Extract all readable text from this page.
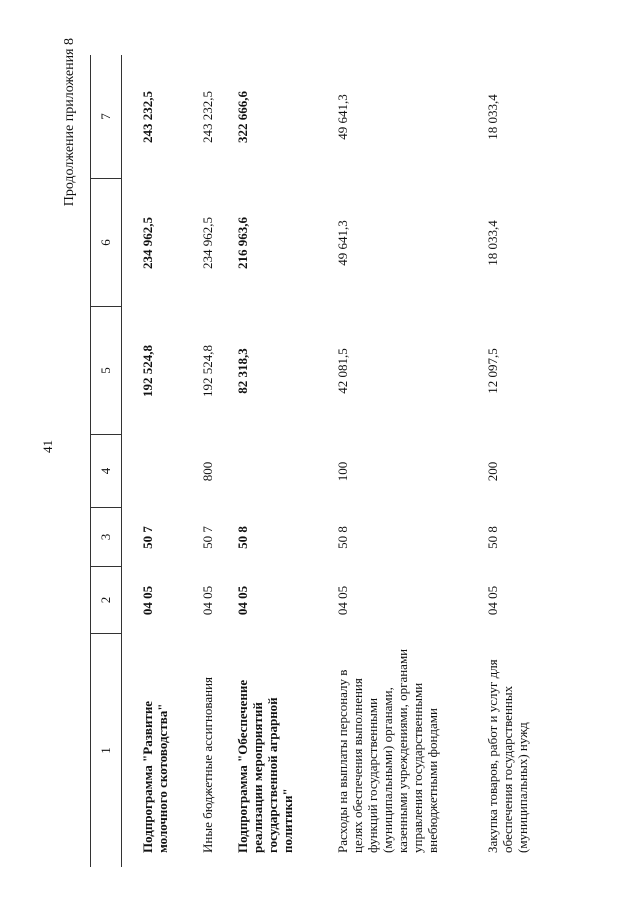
41
Продолжение приложения 8
1
2
3
4
5
6
7
Подпрограмма "Развитие молочного скотоводства"
04 05
50 7
192 524,8
234 962,5
243 232,5
Иные бюджетные ассигнования
04 05
50 7
800
192 524,8
234 962,5
243 232,5
Подпрограмма "Обеспечение реализации мероприятий государственной аграрной политики"
04 05
50 8
82 318,3
216 963,6
322 666,6
Расходы на выплаты персоналу в целях обеспечения выполнения функций государственными (муниципальными) органами, казенными учреждениями, органами управления государственными внебюджетными фондами
04 05
50 8
100
42 081,5
49 641,3
49 641,3
Закупка товаров, работ и услуг для обеспечения государственных (муниципальных) нужд
04 05
50 8
200
12 097,5
18 033,4
18 033,4
